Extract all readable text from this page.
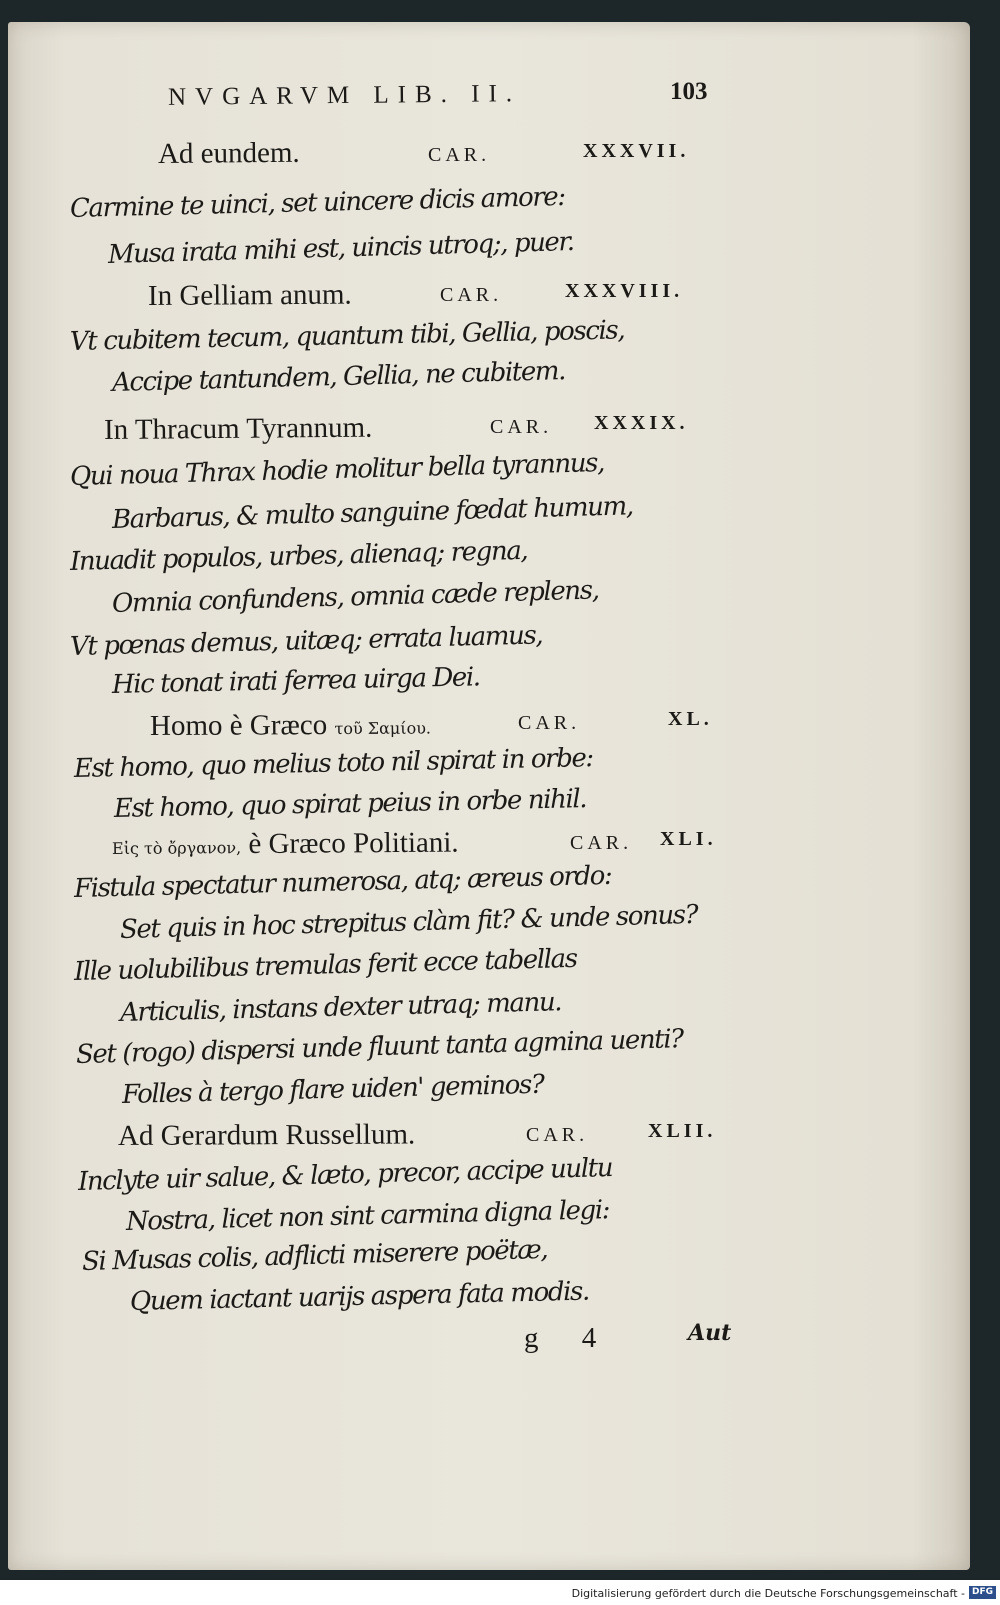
NVGARVM LIB. II.	103
Ad eundem.	CAR.	XXXVII.
Carmine te uinci, set uincere dicis amore:
Musa irata mihi est, uincis utroq;, puer.
In Gelliam anum.	CAR.	XXXVIII.
Vt cubitem tecum, quantum tibi, Gellia, poscis,
Accipe tantundem, Gellia, ne cubitem.
In Thracum Tyrannum.	CAR. XXXIX.
Qui noua Thrax hodie molitur bella tyrannus,
Barbarus, & multo sanguine fœdat humum,
Inuadit populos, urbes, alienaq; regna,
Omnia confundens, omnia cæde replens,
Vt pœnas demus, uitæq; errata luamus,
Hic tonat irati ferrea uirga Dei.
Homo è Græco τοῦ Σαμίου.	CAR.	XL.
Est homo, quo melius toto nil spirat in orbe:
Est homo, quo spirat peius in orbe nihil.
Εἰς τὸ ὄργανον, è Græco Politiani.	CAR. XLI.
Fistula spectatur numerosa, atq; æreus ordo:
Set quis in hoc strepitus clàm fit? & unde sonus?
Ille uolubilibus tremulas ferit ecce tabellas
Articulis, instans dexter utraq; manu.
Set (rogo) dispersi unde fluunt tanta agmina uenti?
Folles à tergo flare uiden' geminos?
Ad Gerardum Russellum.	CAR.	XLII.
Inclyte uir salue, & læto, precor, accipe uultu
Nostra, licet non sint carmina digna legi:
Si Musas colis, adflicti miserere poëtæ,
Quem iactant uarijs aspera fata modis.
g 4	Aut
Digitalisierung gefördert durch die Deutsche Forschungsgemeinschaft - DFG
